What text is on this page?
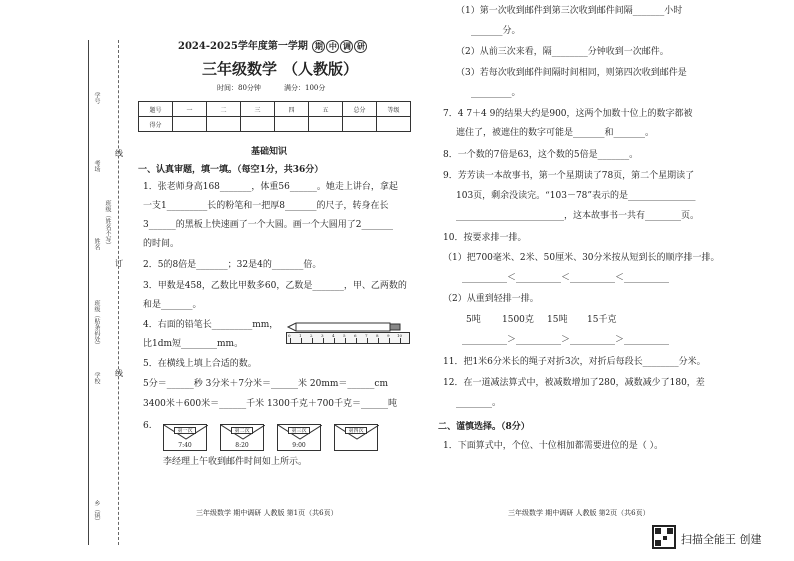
学号
考场
班级（姓名不写）
姓名
班级（贴条码处）
学校
乡（镇）
订
线
线
2024-2025学年度第一学期 期 中 调 研
三年级数学 （人教版）
时间：80分钟	满分：100分
题号	一	二	三	四	五	总分	等级
得分							
基础知识
一、认真审题，填一填。（每空1分，共36分）
1．张老师身高168_______，体重56______。她走上讲台，拿起
一支1_________长的粉笔和一把厚8_______的尺子，转身在长
3______的黑板上快速画了一个大圆。画一个大圆用了2_______
的时间。
2．5的8倍是_______；32是4的_______倍。
3．甲数是458，乙数比甲数多60，乙数是_______，甲、乙两数的
和是_______。
4．右面的铅笔长_________mm，
比1dm短________mm。
0 1 2 3 4 5 6 7 8 9 10
5．在横线上填上合适的数。
5分＝______秒 3分米＋7分米＝______米 20mm＝______cm
3400米＋600米＝______千米 1300千克＋700千克＝______吨
6.	第一次
7:40
第二次
8:20
第三次
9:00
第四次
李经理上午收到邮件时间如上所示。
三年级数学 期中调研 人教版 第1页（共6页）
（1）第一次收到邮件到第三次收到邮件间隔_______小时
_______分。
（2）从前三次来看，隔________分钟收到一次邮件。
（3）若每次收到邮件间隔时间相同，则第四次收到邮件是
_________。
7．4 7＋4 9的结果大约是900，这两个加数十位上的数字都被
遮住了，被遮住的数字可能是_______和_______。
8．一个数的7倍是63，这个数的5倍是_______。
9．芳芳读一本故事书，第一个星期读了78页，第二个星期读了
103页，剩余没读完。“103－78”表示的是_______________
________________________，这本故事书一共有________页。
10．按要求排一排。
（1）把700毫米、2米、50厘米、30分米按从短到长的顺序排一排。
__________＜__________＜__________＜__________
（2）从重到轻排一排。
5吨 1500克 15吨 15千克
__________＞__________＞__________＞__________
11．把1米6分米长的绳子对折3次，对折后每段长________分米。
12．在一道减法算式中，被减数增加了280，减数减少了180，差
________。
二、谨慎选择。（8分）
1．下面算式中，个位、十位相加都需要进位的是（ ）。
三年级数学 期中调研 人教版 第2页（共6页）
扫描全能王 创建
